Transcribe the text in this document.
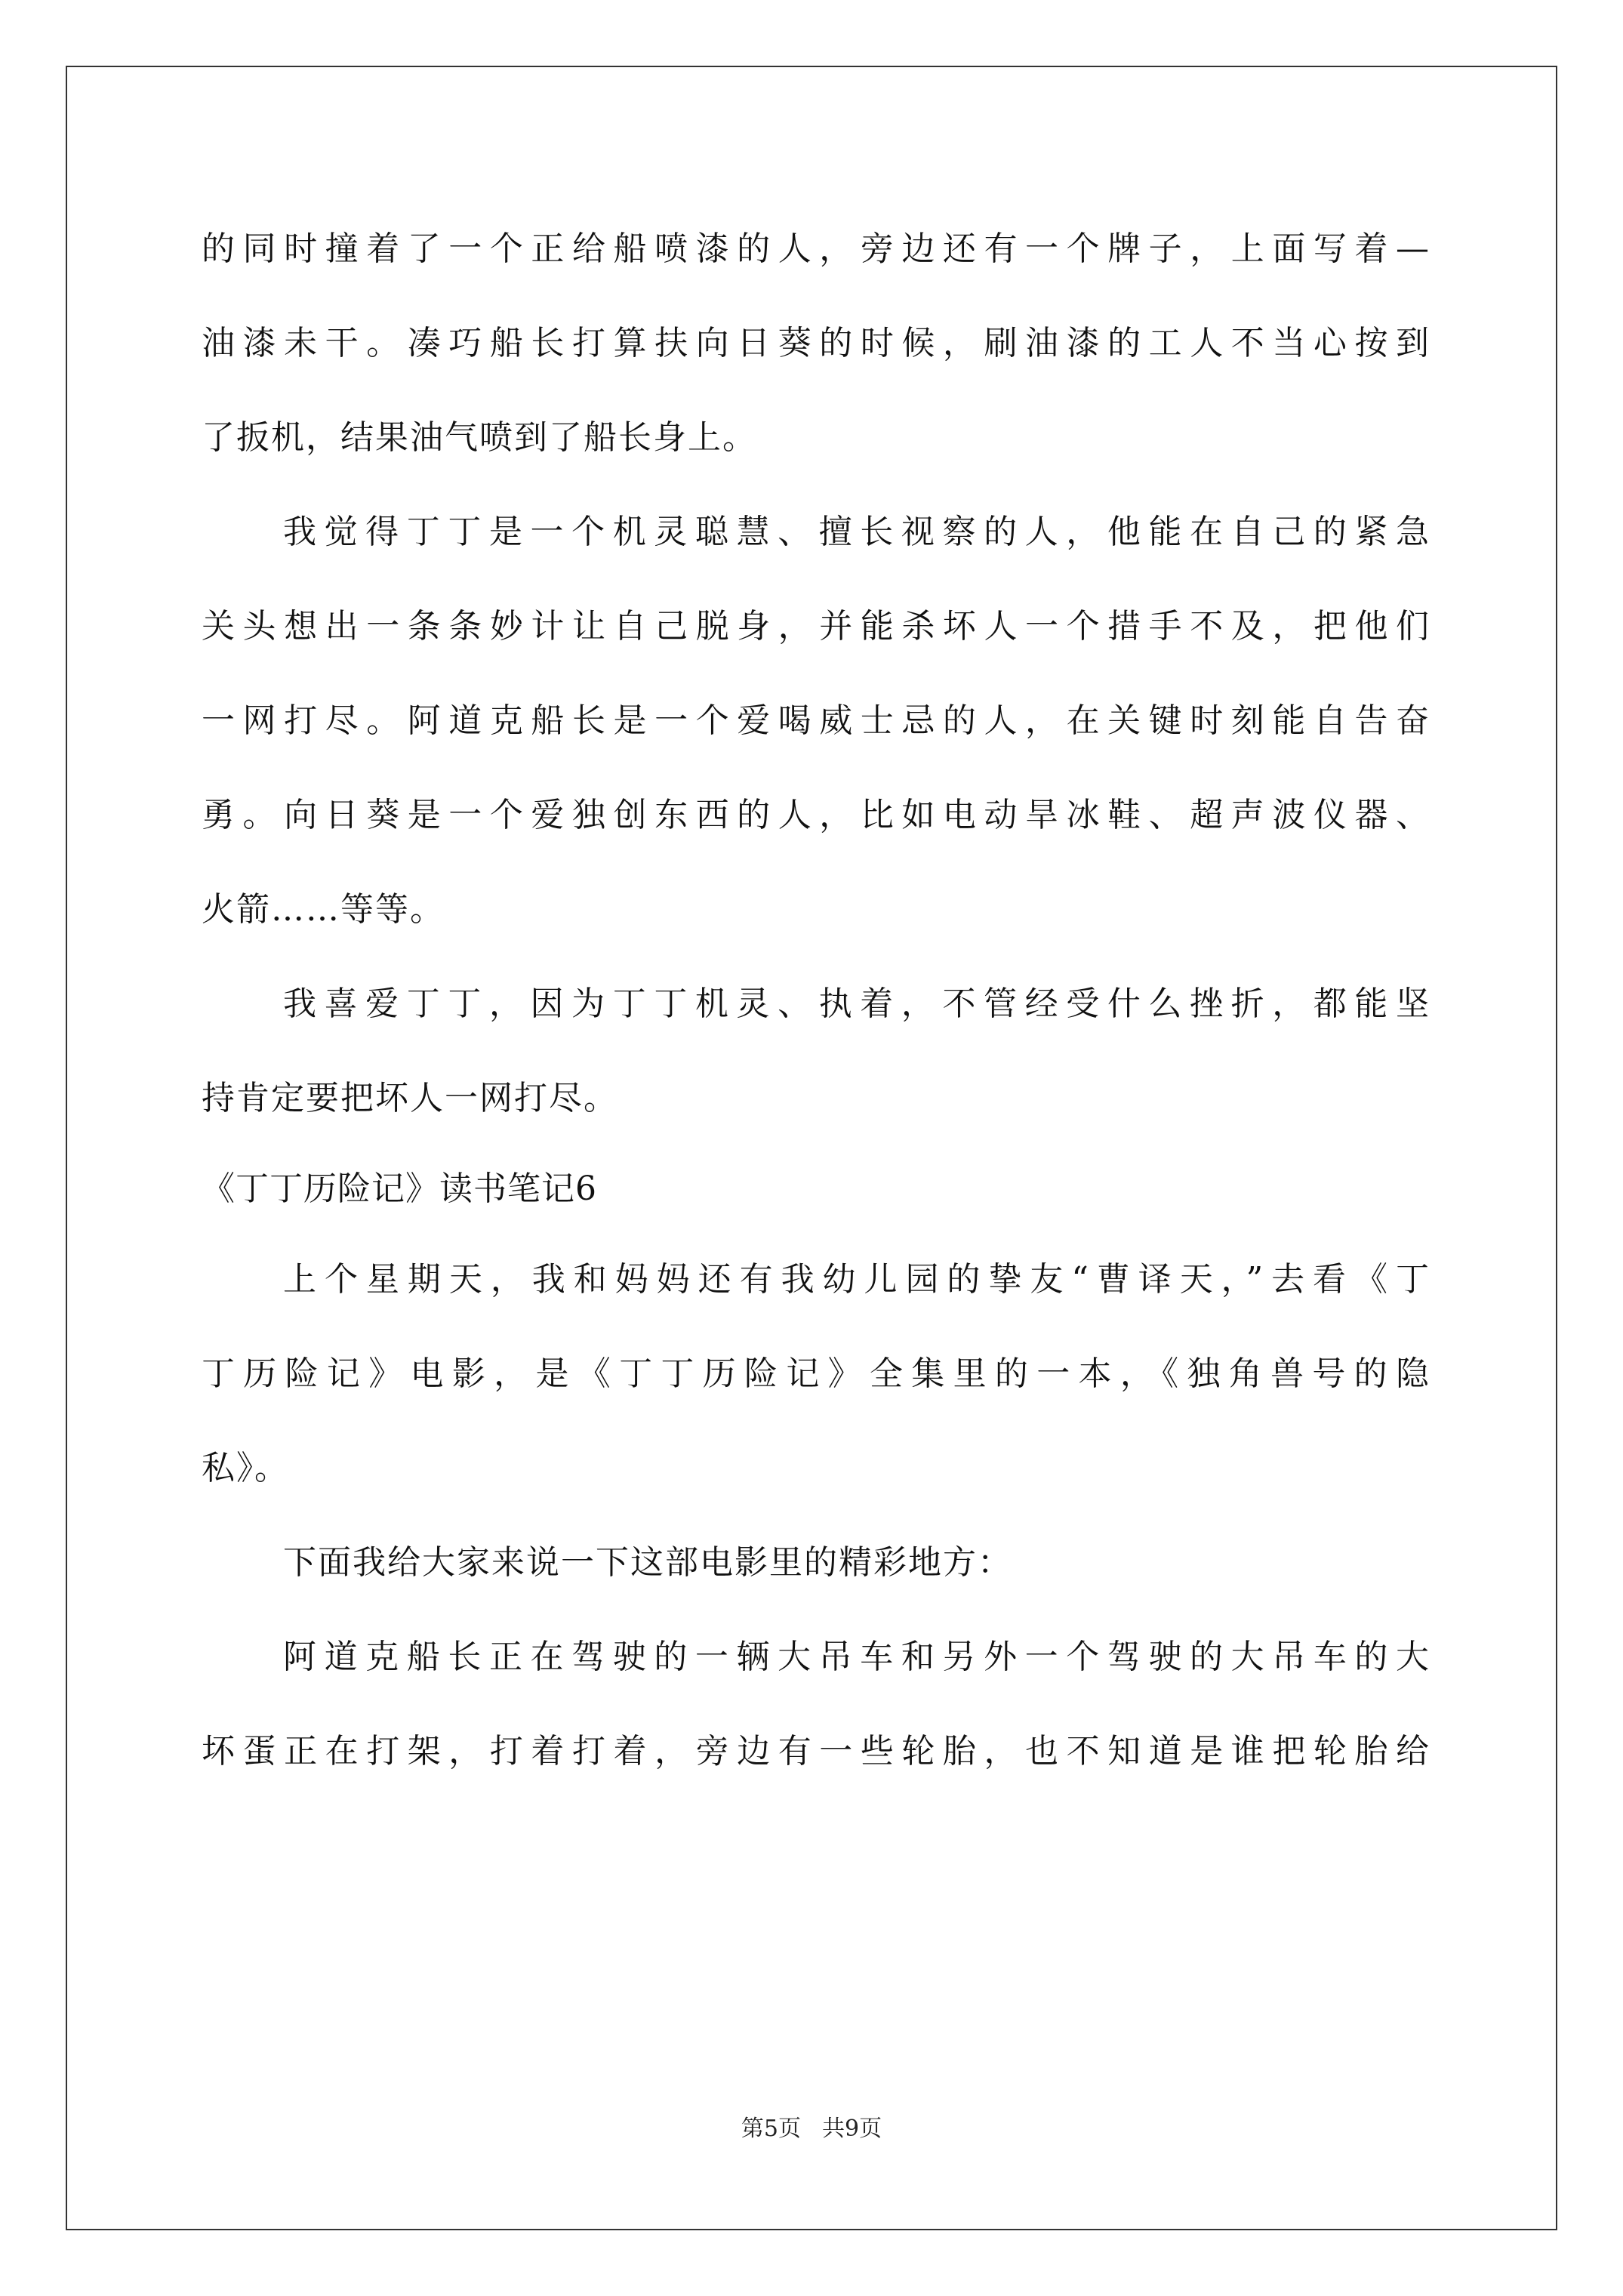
的同时撞着了一个正给船喷漆的人，旁边还有一个牌子，上面写着—
油漆未干。凑巧船长打算扶向日葵的时候，刷油漆的工人不当心按到
了扳机，结果油气喷到了船长身上。
我觉得丁丁是一个机灵聪慧、擅长视察的人，他能在自己的紧急
关头想出一条条妙计让自己脱身，并能杀坏人一个措手不及，把他们
一网打尽。阿道克船长是一个爱喝威士忌的人，在关键时刻能自告奋
勇。向日葵是一个爱独创东西的人，比如电动旱冰鞋、超声波仪器、
火箭……等等。
我喜爱丁丁，因为丁丁机灵、执着，不管经受什么挫折，都能坚
持肯定要把坏人一网打尽。
《丁丁历险记》读书笔记6
上个星期天，我和妈妈还有我幼儿园的挚友“曹译天，”去看《丁
丁历险记》电影，是《丁丁历险记》全集里的一本，《独角兽号的隐
私》。
下面我给大家来说一下这部电影里的精彩地方：
阿道克船长正在驾驶的一辆大吊车和另外一个驾驶的大吊车的大
坏蛋正在打架，打着打着，旁边有一些轮胎，也不知道是谁把轮胎给
第5页 共9页
